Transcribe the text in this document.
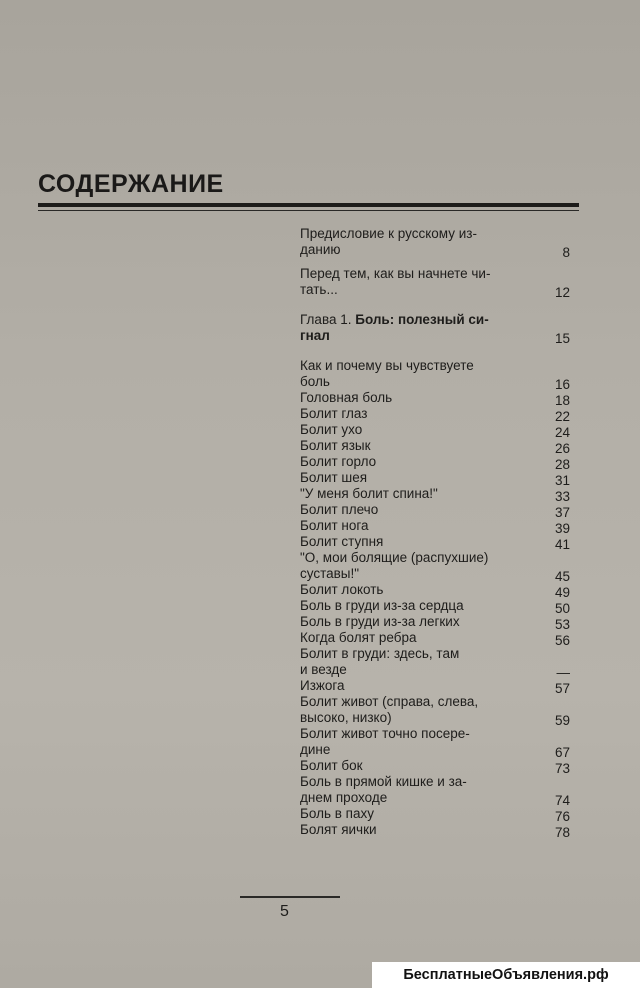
СОДЕРЖАНИЕ
Предисловие к русскому из-
данию	8
Перед тем, как вы начнете чи-
тать...	12
Глава 1. Боль: полезный си-
гнал	15
Как и почему вы чувствуете
боль	16
Головная боль	18
Болит глаз	22
Болит ухо	24
Болит язык	26
Болит горло	28
Болит шея	31
"У меня болит спина!"	33
Болит плечо	37
Болит нога	39
Болит ступня	41
"О, мои болящие (распухшие)
суставы!"	45
Болит локоть	49
Боль в груди из-за сердца	50
Боль в груди из-за легких	53
Когда болят ребра	56
Болит в груди: здесь, там
и везде	—
Изжога	57
Болит живот (справа, слева,
высоко, низко)	59
Болит живот точно посере-
дине	67
Болит бок	73
Боль в прямой кишке и за-
днем проходе	74
Боль в паху	76
Болят яички	78
5
БесплатныеОбъявления.рф
